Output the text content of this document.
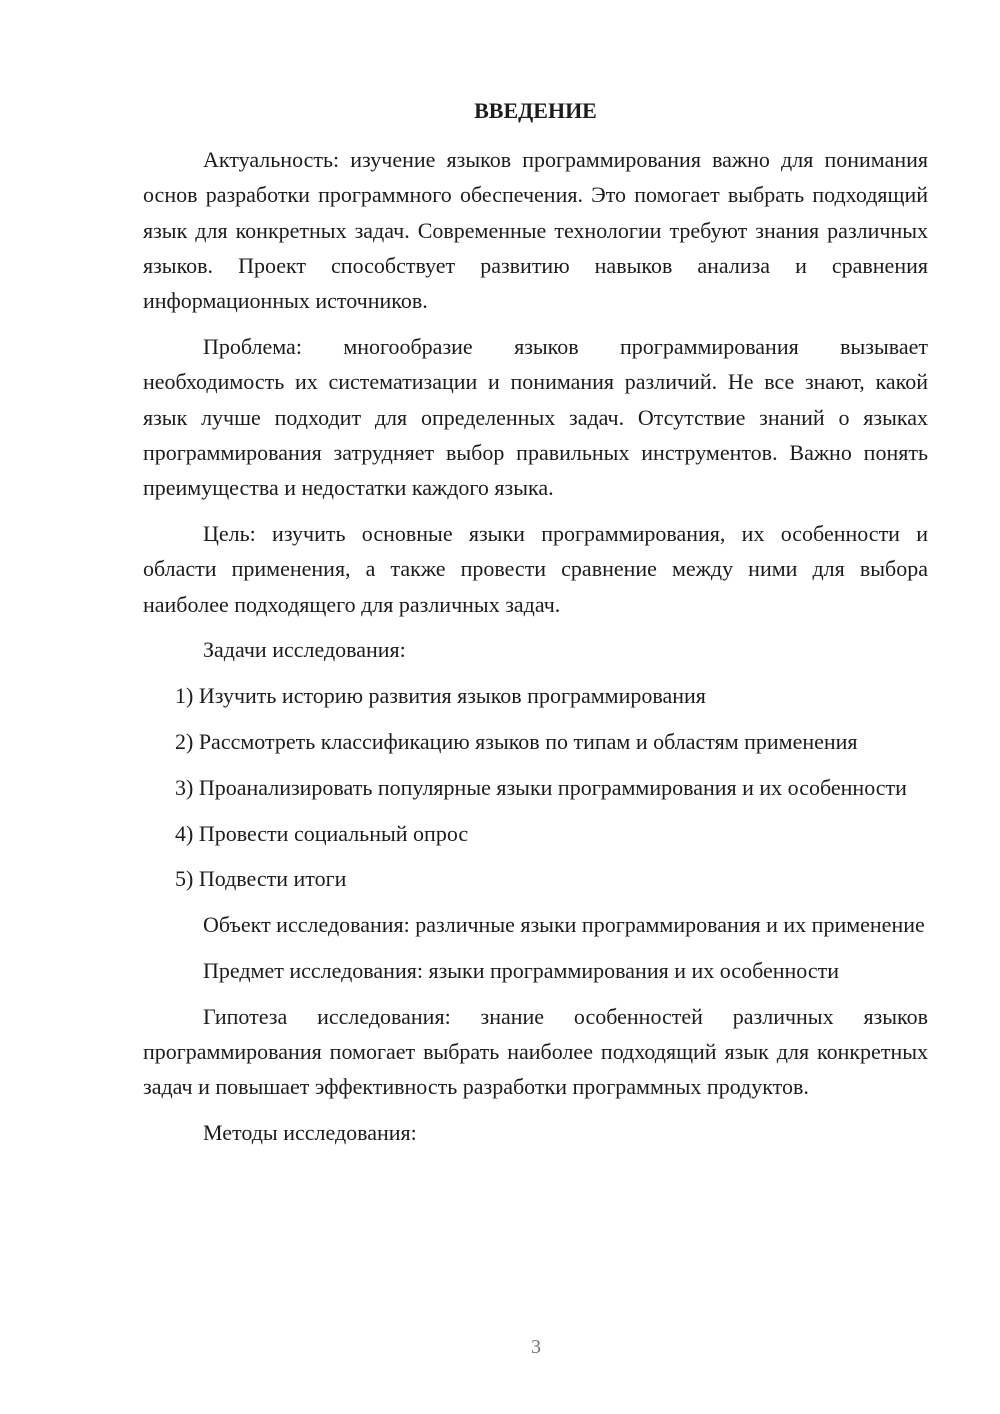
ВВЕДЕНИЕ

Актуальность: изучение языков программирования важно для понимания основ разработки программного обеспечения. Это помогает выбрать подходящий язык для конкретных задач. Современные технологии требуют знания различных языков. Проект способствует развитию навыков анализа и сравнения информационных источников.

Проблема: многообразие языков программирования вызывает необходимость их систематизации и понимания различий. Не все знают, какой язык лучше подходит для определенных задач. Отсутствие знаний о языках программирования затрудняет выбор правильных инструментов. Важно понять преимущества и недостатки каждого языка.

Цель: изучить основные языки программирования, их особенности и области применения, а также провести сравнение между ними для выбора наиболее подходящего для различных задач.

Задачи исследования:

1) Изучить историю развития языков программирования

2) Рассмотреть классификацию языков по типам и областям применения

3) Проанализировать популярные языки программирования и их особенности

4) Провести социальный опрос

5) Подвести итоги

Объект исследования: различные языки программирования и их применение

Предмет исследования: языки программирования и их особенности

Гипотеза исследования: знание особенностей различных языков программирования помогает выбрать наиболее подходящий язык для конкретных задач и повышает эффективность разработки программных продуктов.

Методы исследования:

3
